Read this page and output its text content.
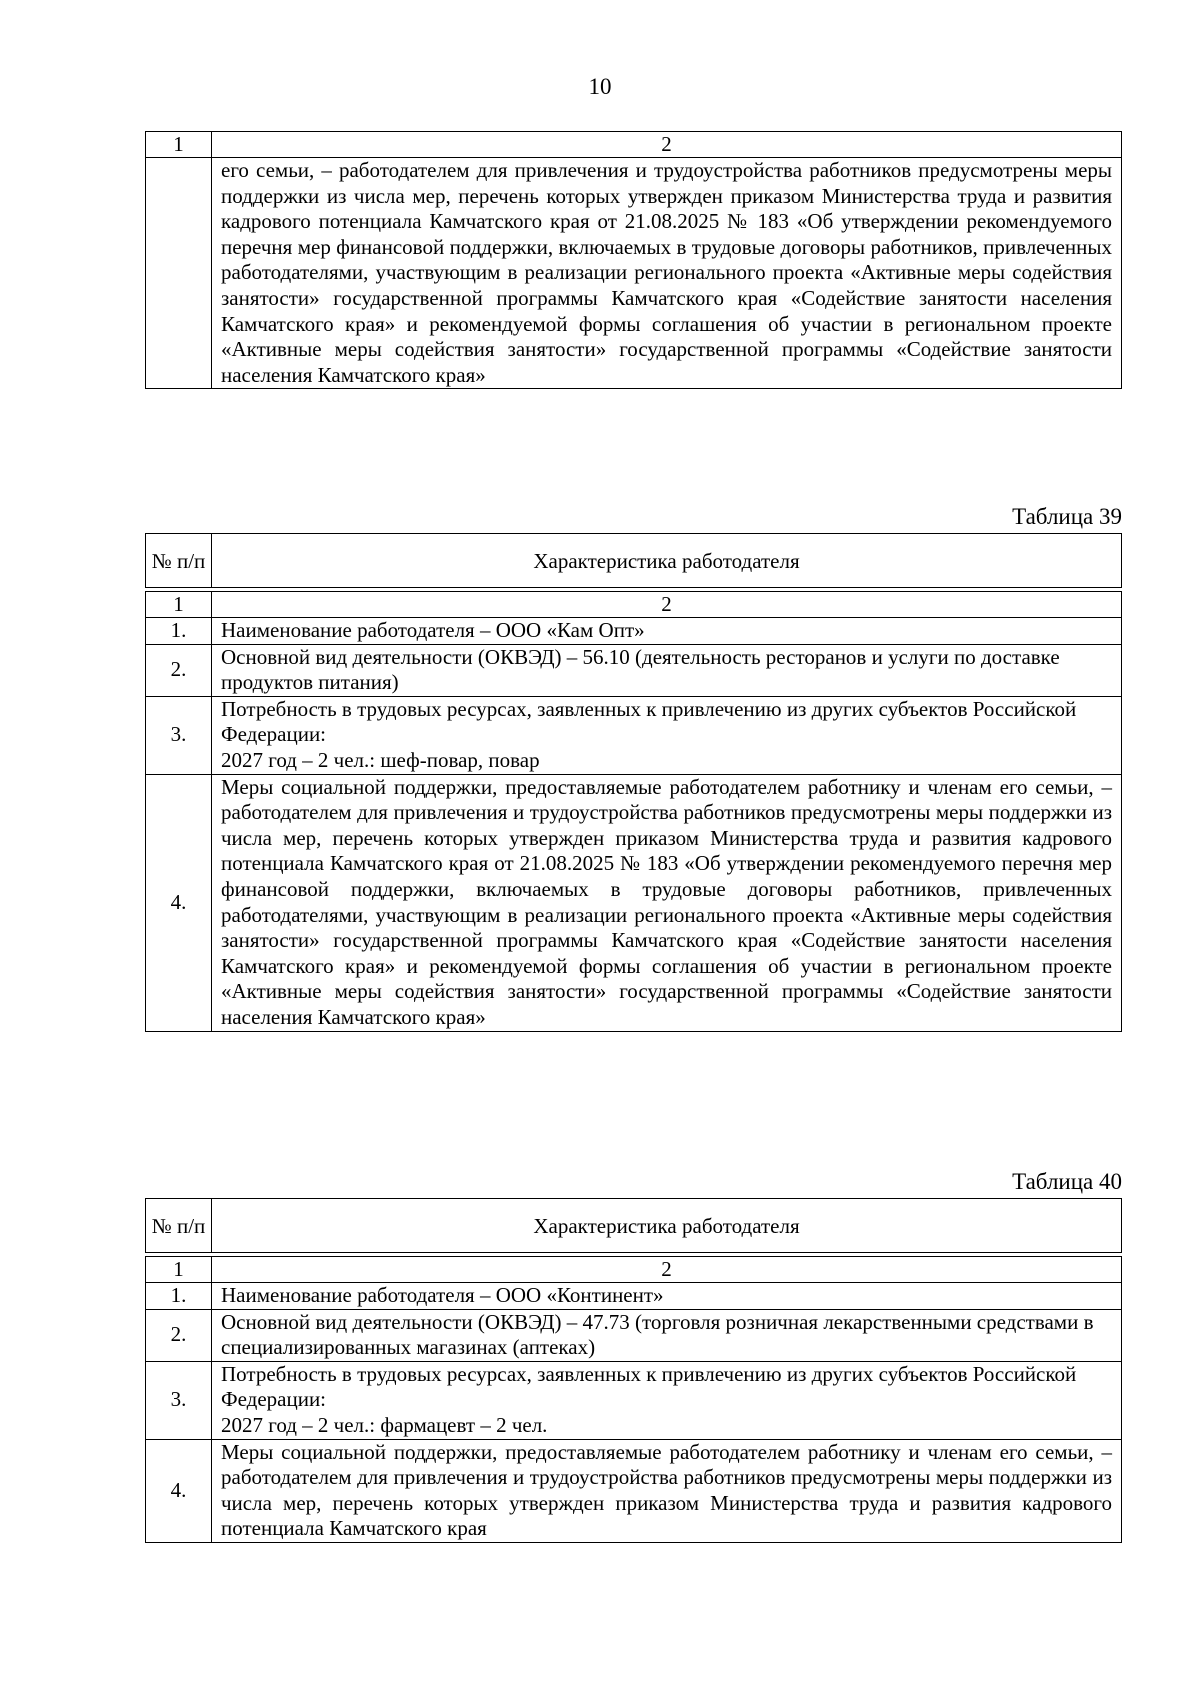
10
1	2
	его семьи, – работодателем для привлечения и трудоустройства работников предусмотрены меры поддержки из числа мер, перечень которых утвержден приказом Министерства труда и развития кадрового потенциала Камчатского края от 21.08.2025 № 183 «Об утверждении рекомендуемого перечня мер финансовой поддержки, включаемых в трудовые договоры работников, привлеченных работодателями, участвующим в реализации регионального проекта «Активные меры содействия занятости» государственной программы Камчатского края «Содействие занятости населения Камчатского края» и рекомендуемой формы соглашения об участии в региональном проекте «Активные меры содействия занятости» государственной программы «Содействие занятости населения Камчатского края»
Таблица 39
№ п/п	Характеристика работодателя

1	2
1.	Наименование работодателя – ООО «Кам Опт»
2.	Основной вид деятельности (ОКВЭД) – 56.10 (деятельность ресторанов и услуги по доставке продуктов питания)
3.	Потребность в трудовых ресурсах, заявленных к привлечению из других субъектов Российской Федерации:
2027 год – 2 чел.: шеф-повар, повар

4.	Меры социальной поддержки, предоставляемые работодателем работнику и членам его семьи, – работодателем для привлечения и трудоустройства работников предусмотрены меры поддержки из числа мер, перечень которых утвержден приказом Министерства труда и развития кадрового потенциала Камчатского края от 21.08.2025 № 183 «Об утверждении рекомендуемого перечня мер финансовой поддержки, включаемых в трудовые договоры работников, привлеченных работодателями, участвующим в реализации регионального проекта «Активные меры содействия занятости» государственной программы Камчатского края «Содействие занятости населения Камчатского края» и рекомендуемой формы соглашения об участии в региональном проекте «Активные меры содействия занятости» государственной программы «Содействие занятости населения Камчатского края»
Таблица 40
№ п/п	Характеристика работодателя

1	2
1.	Наименование работодателя – ООО «Континент»
2.	Основной вид деятельности (ОКВЭД) – 47.73 (торговля розничная лекарственными средствами в специализированных магазинах (аптеках)
3.	Потребность в трудовых ресурсах, заявленных к привлечению из других субъектов Российской Федерации:
2027 год – 2 чел.: фармацевт – 2 чел.

4.	Меры социальной поддержки, предоставляемые работодателем работнику и членам его семьи, – работодателем для привлечения и трудоустройства работников предусмотрены меры поддержки из числа мер, перечень которых утвержден приказом Министерства труда и развития кадрового потенциала Камчатского края
